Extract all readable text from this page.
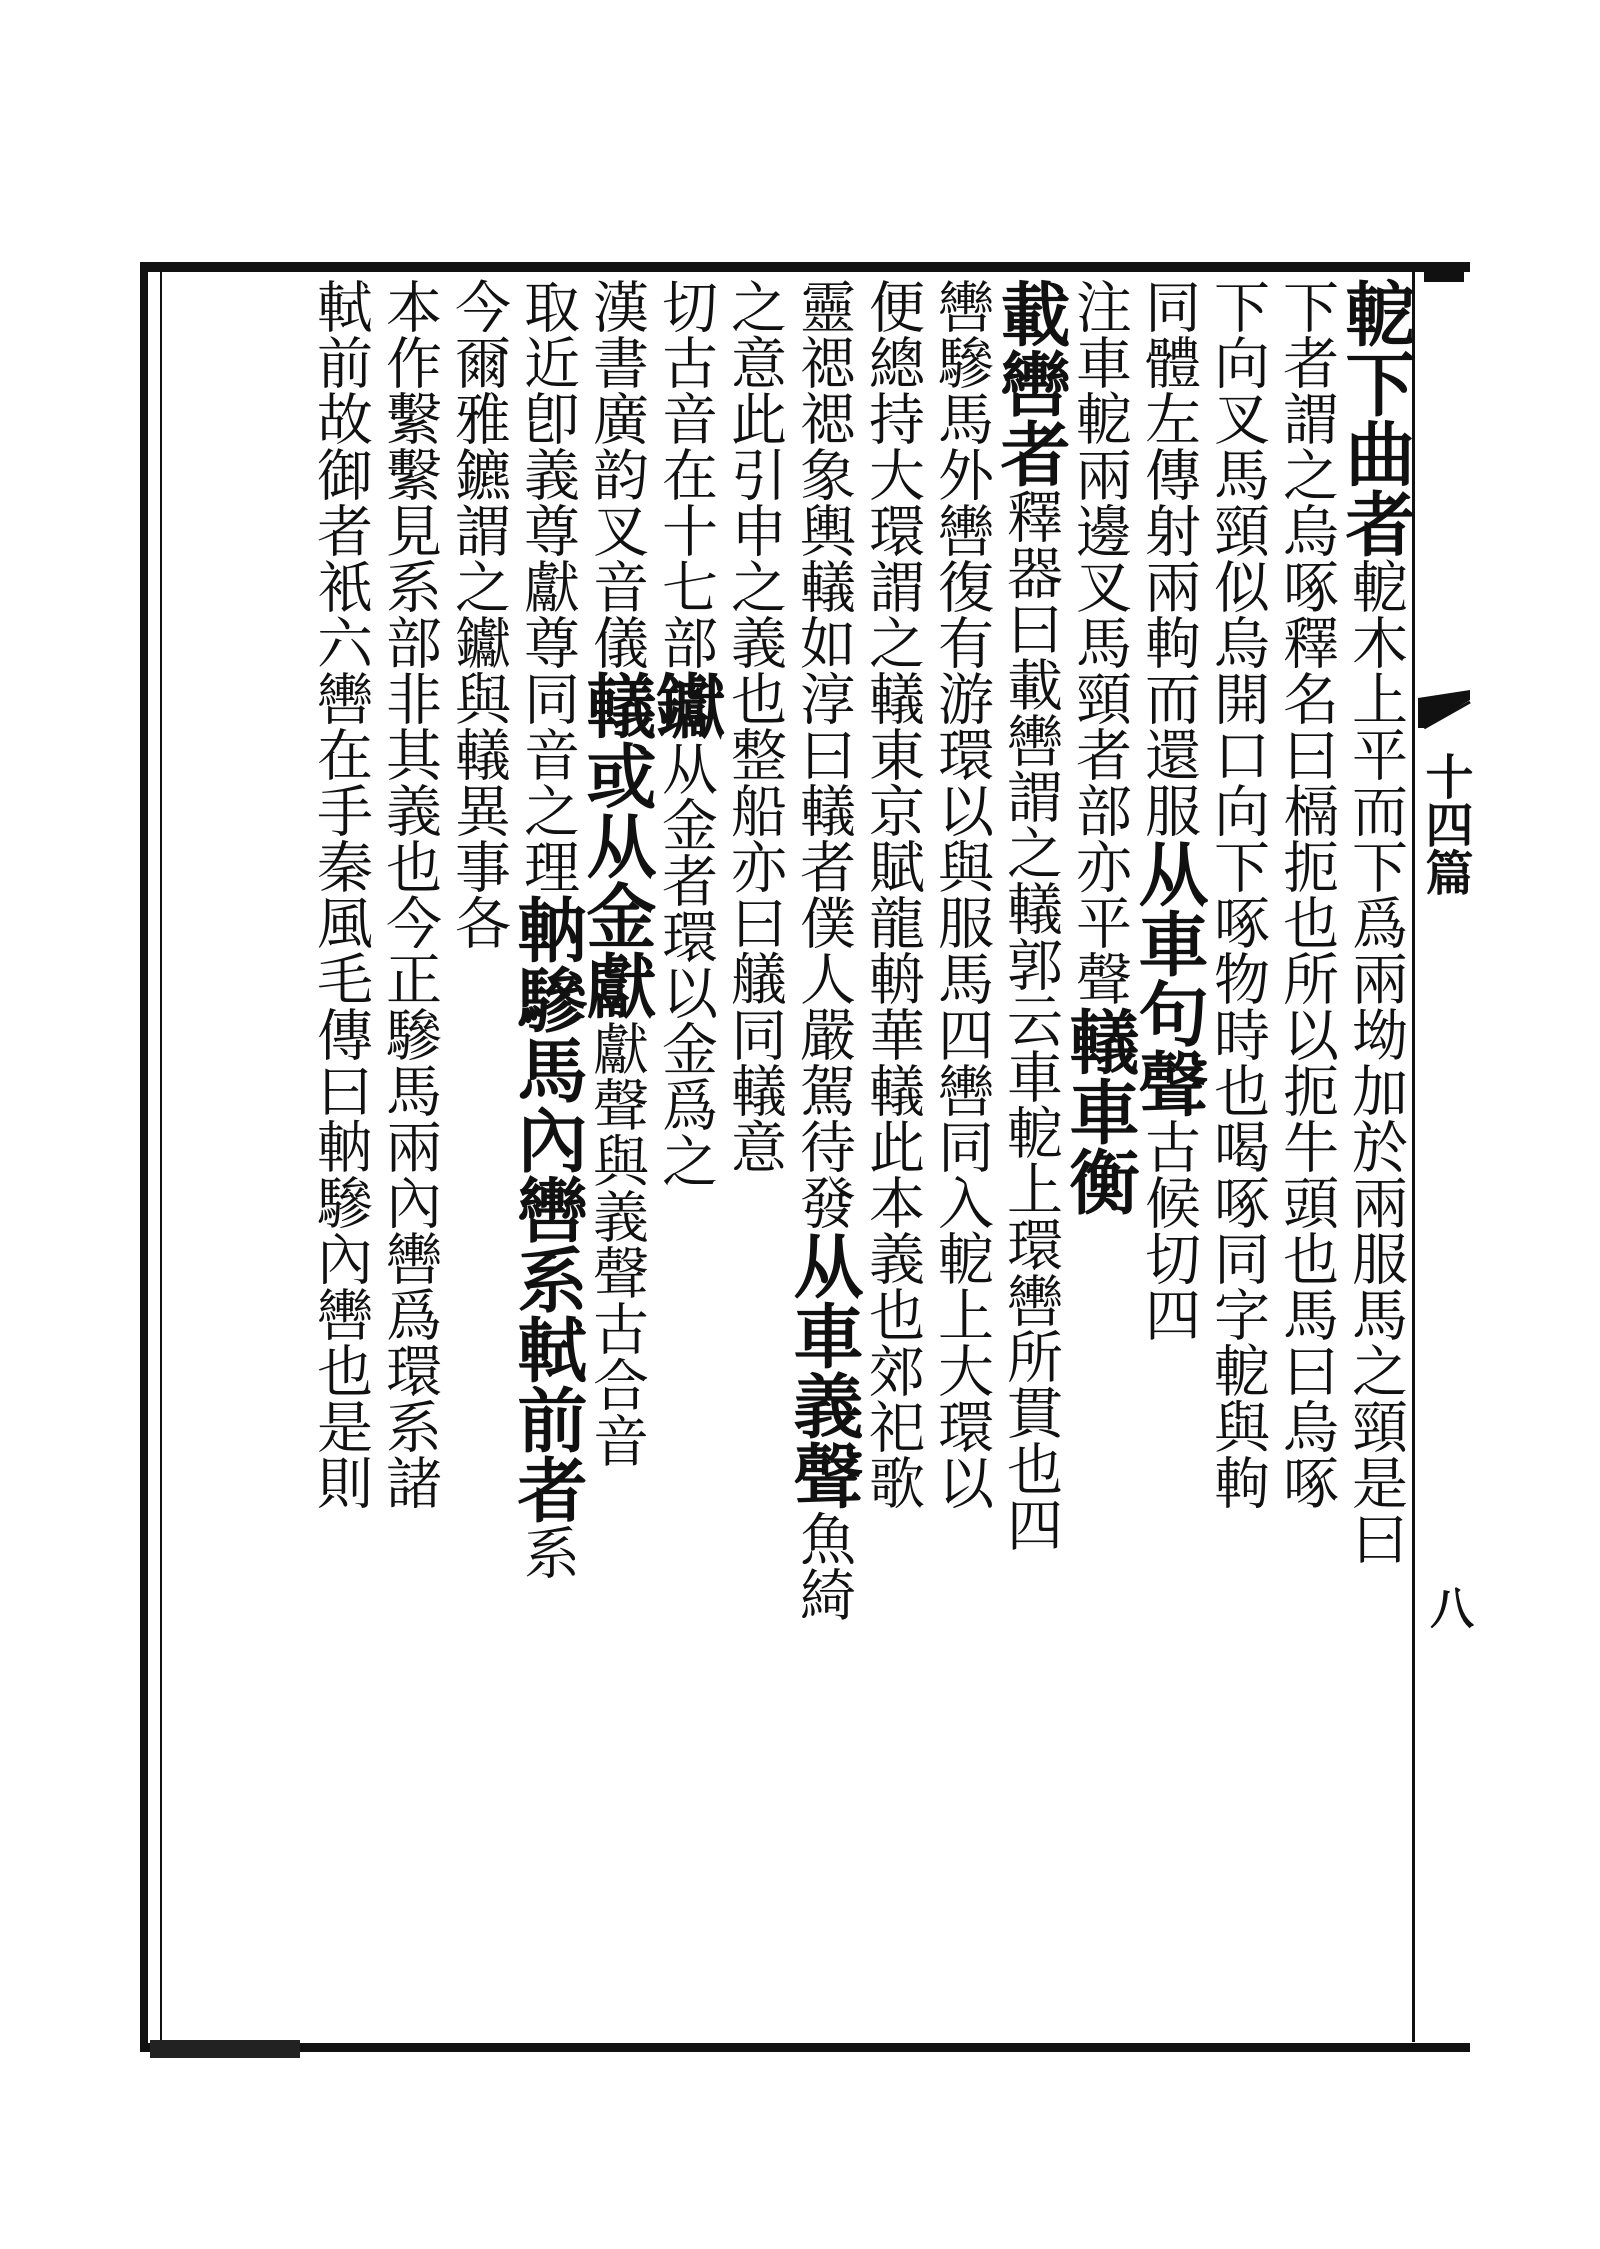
十四篇
八
軶下曲者軶木上平而下爲兩坳加於兩服馬之頸是曰
下者謂之烏啄釋名曰槅扼也所以扼牛頭也馬曰烏啄
下向叉馬頸似烏開口向下啄物時也喝啄同字軶與軥
同體左傳射兩軥而還服从車句聲古候切四
注車軶兩邊叉馬頸者部亦平聲轙車衡
載轡者釋器曰載轡謂之轙郭云車軶上環轡所貫也四
轡驂馬外轡復有游環以與服馬四轡同入軶上大環以
便總持大環謂之轙東京賦龍輈華轙此本義也郊祀歌
靈禗禗象輿轙如淳曰轙者僕人嚴駕待發从車義聲魚綺
之意此引申之義也整船亦曰艤同轙意
切古音在十七部钀从金者環以金爲之
漢書廣韵叉音儀轙或从金獻獻聲與義聲古合音
取近卽義尊獻尊同音之理軜驂馬內轡系軾前者系
今爾雅鑣謂之钀與轙異事各
本作繫繫見系部非其義也今正驂馬兩內轡爲環系諸
軾前故御者衹六轡在手秦風毛傳曰軜驂內轡也是則
